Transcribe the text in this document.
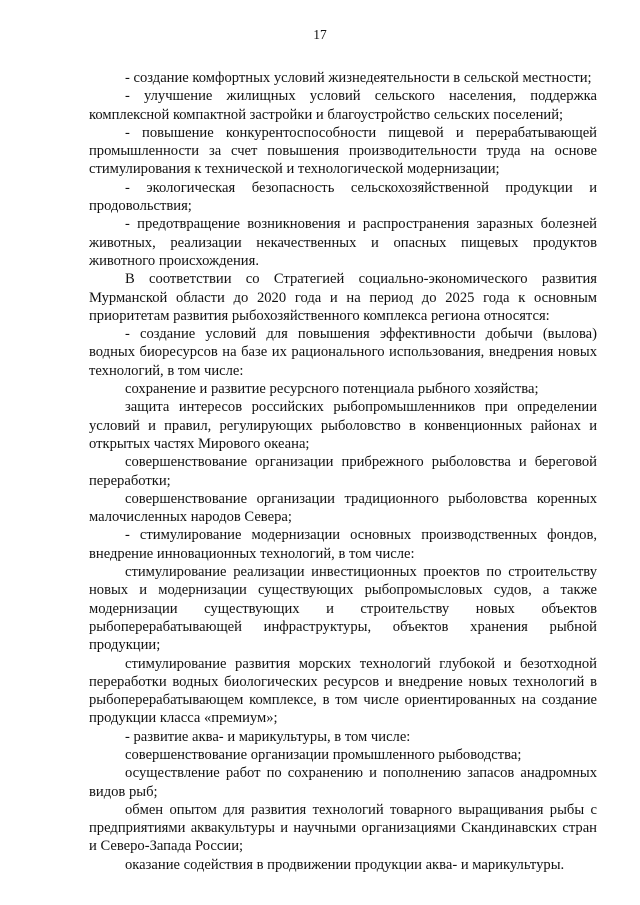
17

- создание комфортных условий жизнедеятельности в сельской местности;

- улучшение жилищных условий сельского населения, поддержка комплексной компактной застройки и благоустройство сельских поселений;

- повышение конкурентоспособности пищевой и перерабатывающей промышленности за счет повышения производительности труда на основе стимулирования к технической и технологической модернизации;

- экологическая безопасность сельскохозяйственной продукции и продовольствия;

- предотвращение возникновения и распространения заразных болезней животных, реализации некачественных и опасных пищевых продуктов животного происхождения.

В соответствии со Стратегией социально-экономического развития Мурманской области до 2020 года и на период до 2025 года к основным приоритетам развития рыбохозяйственного комплекса региона относятся:

- создание условий для повышения эффективности добычи (вылова) водных биоресурсов на базе их рационального использования, внедрения новых технологий, в том числе:

сохранение и развитие ресурсного потенциала рыбного хозяйства;

защита интересов российских рыбопромышленников при определении условий и правил, регулирующих рыболовство в конвенционных районах и открытых частях Мирового океана;

совершенствование организации прибрежного рыболовства и береговой переработки;

совершенствование организации традиционного рыболовства коренных малочисленных народов Севера;

- стимулирование модернизации основных производственных фондов, внедрение инновационных технологий, в том числе:

стимулирование реализации инвестиционных проектов по строительству новых и модернизации существующих рыбопромысловых судов, а также модернизации существующих и строительству новых объектов рыбоперерабатывающей инфраструктуры, объектов хранения рыбной продукции;

стимулирование развития морских технологий глубокой и безотходной переработки водных биологических ресурсов и внедрение новых технологий в рыбоперерабатывающем комплексе, в том числе ориентированных на создание продукции класса «премиум»;

- развитие аква- и марикультуры, в том числе:

совершенствование организации промышленного рыбоводства;

осуществление работ по сохранению и пополнению запасов анадромных видов рыб;

обмен опытом для развития технологий товарного выращивания рыбы с предприятиями аквакультуры и научными организациями Скандинавских стран и Северо-Запада России;

оказание содействия в продвижении продукции аква- и марикультуры.
